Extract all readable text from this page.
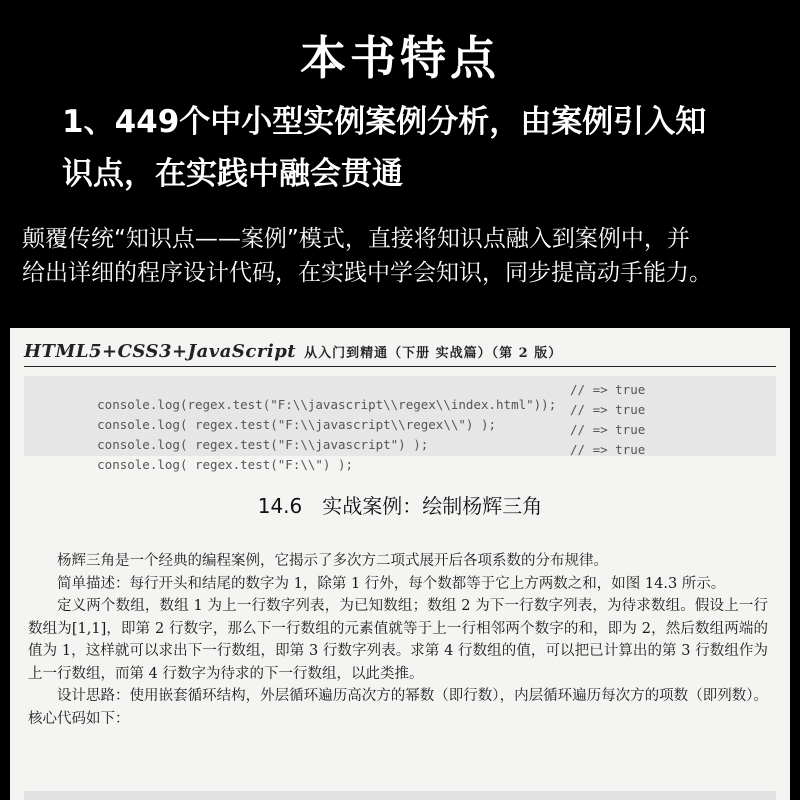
本书特点
1、449个中小型实例案例分析，由案例引入知
识点，在实践中融会贯通
颠覆传统“知识点——案例”模式，直接将知识点融入到案例中，并
给出详细的程序设计代码，在实践中学会知识，同步提高动手能力。
HTML5+CSS3+JavaScript 从入门到精通（下册 实战篇）（第 2 版）

console.log(regex.test("F:\\javascript\\regex\\index.html"));

// => true

console.log( regex.test("F:\\javascript\\regex\\") );

// => true

console.log( regex.test("F:\\javascript") );

// => true

console.log( regex.test("F:\\") );

// => true

14.6 实战案例：绘制杨辉三角

杨辉三角是一个经典的编程案例，它揭示了多次方二项式展开后各项系数的分布规律。

简单描述：每行开头和结尾的数字为 1，除第 1 行外，每个数都等于它上方两数之和，如图 14.3 所示。

定义两个数组，数组 1 为上一行数字列表，为已知数组；数组 2 为下一行数字列表，为待求数组。假设上一行数组为[1,1]，即第 2 行数字，那么下一行数组的元素值就等于上一行相邻两个数字的和，即为 2，然后数组两端的值为 1，这样就可以求出下一行数组，即第 3 行数字列表。求第 4 行数组的值，可以把已计算出的第 3 行数组作为上一行数组，而第 4 行数字为待求的下一行数组，以此类推。

设计思路：使用嵌套循环结构，外层循环遍历高次方的幂数（即行数），内层循环遍历每次方的项数（即列数）。核心代码如下：
